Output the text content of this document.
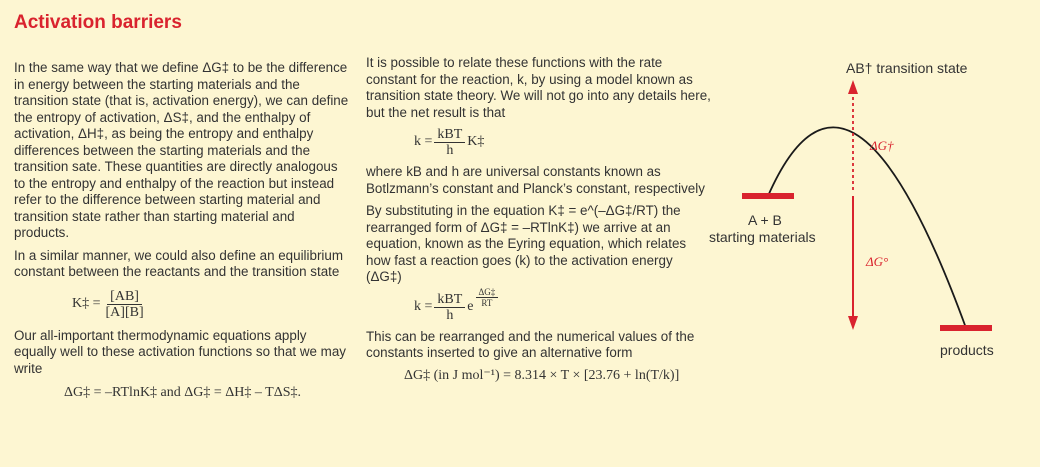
Activation barriers

In the same way that we define ΔG‡ to be the difference in energy between the starting materials and the transition state (that is, activation energy), we can define the entropy of activation, ΔS‡, and the enthalpy of activation, ΔH‡, as being the entropy and enthalpy differences between the starting materials and the transition sate. These quantities are directly analogous to the entropy and enthalpy of the reaction but instead refer to the difference between starting material and transition state rather than starting material and products.

In a similar manner, we could also define an equilibrium constant between the reactants and the transition state

K‡ = $\frac{[AB]}{[A][B]}$

Our all-important thermodynamic equations apply equally well to these activation functions so that we may write

ΔG‡ = –RTlnK‡ and ΔG‡ = ΔH‡ – TΔS‡.

It is possible to relate these functions with the rate constant for the reaction, k, by using a model known as transition state theory. We will not go into any details here, but the net result is that

$k = \frac{\text{kBT}}{h}$ K‡

where kB and h are universal constants known as Botlzmann’s constant and Planck’s constant, respectively

By substituting in the equation K‡ = e^(–ΔG‡/RT) the rearranged form of ΔG‡ = –RTlnK‡) we arrive at an equation, known as the Eyring equation, which relates how fast a reaction goes (k) to the activation energy (ΔG‡)

$k = \frac{\text{kBT}}{h}$ e $\frac{\Delta G\ddagger}{RT}$

This can be rearranged and the numerical values of the constants inserted to give an alternative form

ΔG‡ (in J mol⁻¹) = 8.314 × T × [23.76 + ln(T/k)]
AB† transition state
ΔG†
ΔG°
A + B
starting materials
products
